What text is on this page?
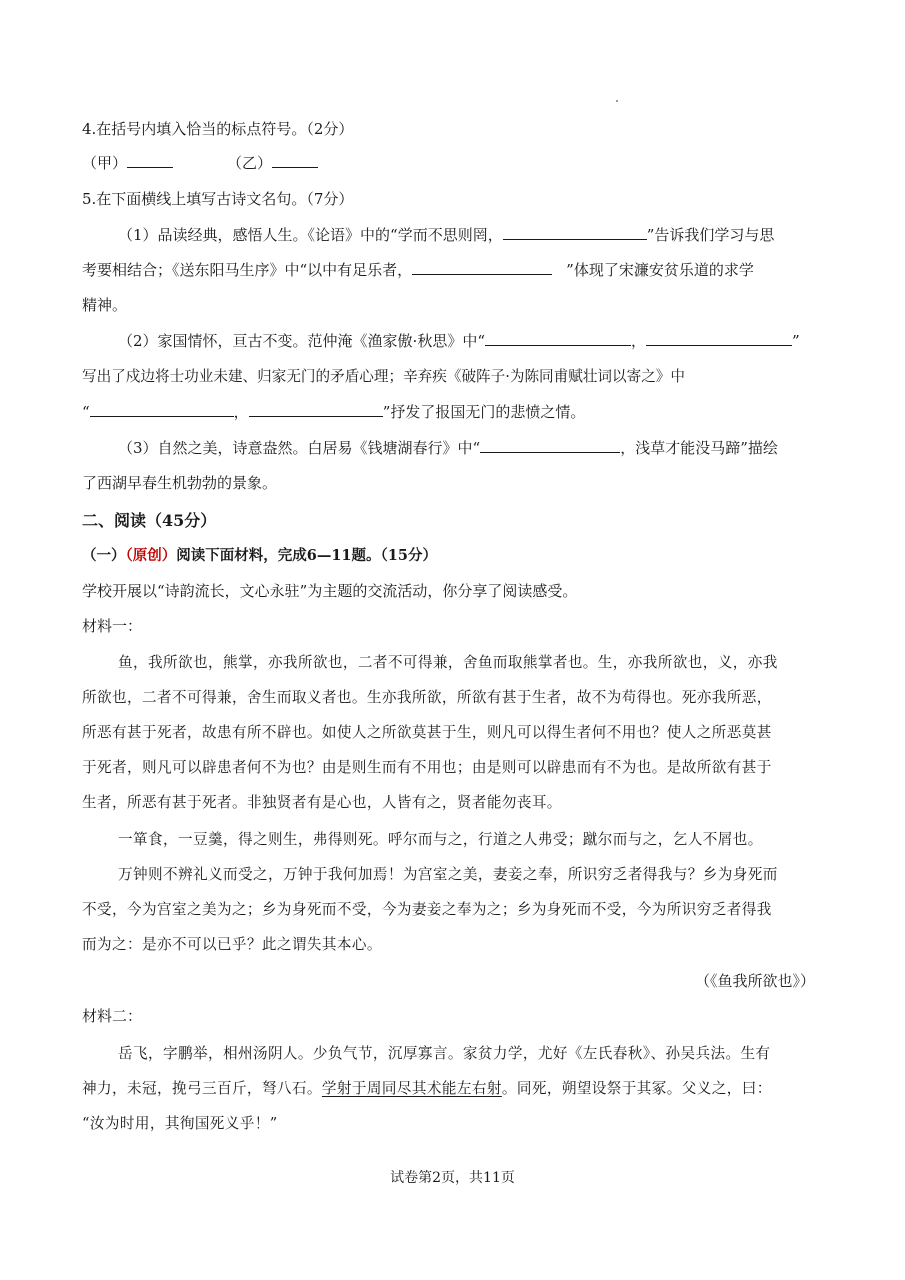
4.在括号内填入恰当的标点符号。（2分）
（甲）	（乙）
5.在下面横线上填写古诗文名句。（7分）
（1）品读经典，感悟人生。《论语》中的“学而不思则罔，	”告诉我们学习与思
考要相结合；《送东阳马生序》中“以中有足乐者，	”体现了宋濂安贫乐道的求学
精神。
（2）家国情怀，亘古不变。范仲淹《渔家傲·秋思》中“	，	”
写出了戍边将士功业未建、归家无门的矛盾心理；辛弃疾《破阵子·为陈同甫赋壮词以寄之》中
“	，	”抒发了报国无门的悲愤之情。
（3）自然之美，诗意盎然。白居易《钱塘湖春行》中“	，浅草才能没马蹄”描绘
了西湖早春生机勃勃的景象。
二、阅读（45分）
（一）（原创）阅读下面材料，完成6—11题。（15分）
学校开展以“诗韵流长，文心永驻”为主题的交流活动，你分享了阅读感受。
材料一：
鱼，我所欲也，熊掌，亦我所欲也，二者不可得兼，舍鱼而取熊掌者也。生，亦我所欲也，义，亦我
所欲也，二者不可得兼，舍生而取义者也。生亦我所欲，所欲有甚于生者，故不为苟得也。死亦我所恶，
所恶有甚于死者，故患有所不辟也。如使人之所欲莫甚于生，则凡可以得生者何不用也？使人之所恶莫甚
于死者，则凡可以辟患者何不为也？由是则生而有不用也；由是则可以辟患而有不为也。是故所欲有甚于
生者，所恶有甚于死者。非独贤者有是心也，人皆有之，贤者能勿丧耳。
一箪食，一豆羹，得之则生，弗得则死。呼尔而与之，行道之人弗受；蹴尔而与之，乞人不屑也。
万钟则不辨礼义而受之，万钟于我何加焉！为宫室之美，妻妾之奉，所识穷乏者得我与？乡为身死而
不受，今为宫室之美为之；乡为身死而不受，今为妻妾之奉为之；乡为身死而不受，今为所识穷乏者得我
而为之：是亦不可以已乎？此之谓失其本心。
（《鱼我所欲也》）
材料二：
岳飞，字鹏举，相州汤阴人。少负气节，沉厚寡言。家贫力学，尤好《左氏春秋》、孙吴兵法。生有
神力，未冠，挽弓三百斤，弩八石。学射于周同尽其术能左右射。同死，朔望设祭于其冢。父义之，曰：
“汝为时用，其徇国死义乎！”
试卷第2页，共11页
